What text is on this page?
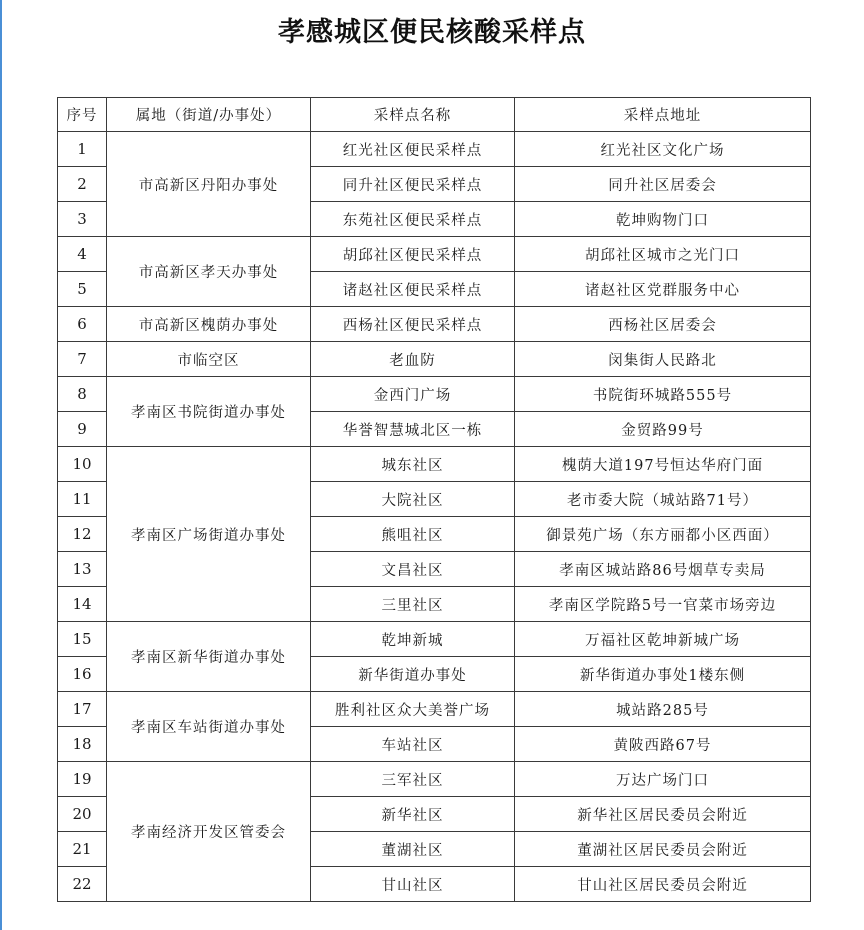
孝感城区便民核酸采样点
序号	属地（街道/办事处）	采样点名称	采样点地址
1	市高新区丹阳办事处	红光社区便民采样点	红光社区文化广场
2		同升社区便民采样点	同升社区居委会
3		东苑社区便民采样点	乾坤购物门口
4	市高新区孝天办事处	胡邱社区便民采样点	胡邱社区城市之光门口
5		诸赵社区便民采样点	诸赵社区党群服务中心
6	市高新区槐荫办事处	西杨社区便民采样点	西杨社区居委会
7	市临空区	老血防	闵集街人民路北
8	孝南区书院街道办事处	金西门广场	书院街环城路555号
9		华誉智慧城北区一栋	金贸路99号
10	孝南区广场街道办事处	城东社区	槐荫大道197号恒达华府门面
11		大院社区	老市委大院（城站路71号）
12		熊咀社区	御景苑广场（东方丽都小区西面）
13		文昌社区	孝南区城站路86号烟草专卖局
14		三里社区	孝南区学院路5号一官菜市场旁边
15	孝南区新华街道办事处	乾坤新城	万福社区乾坤新城广场
16		新华街道办事处	新华街道办事处1楼东侧
17	孝南区车站街道办事处	胜利社区众大美誉广场	城站路285号
18		车站社区	黄陂西路67号
19	孝南经济开发区管委会	三军社区	万达广场门口
20		新华社区	新华社区居民委员会附近
21		董湖社区	董湖社区居民委员会附近
22		甘山社区	甘山社区居民委员会附近
